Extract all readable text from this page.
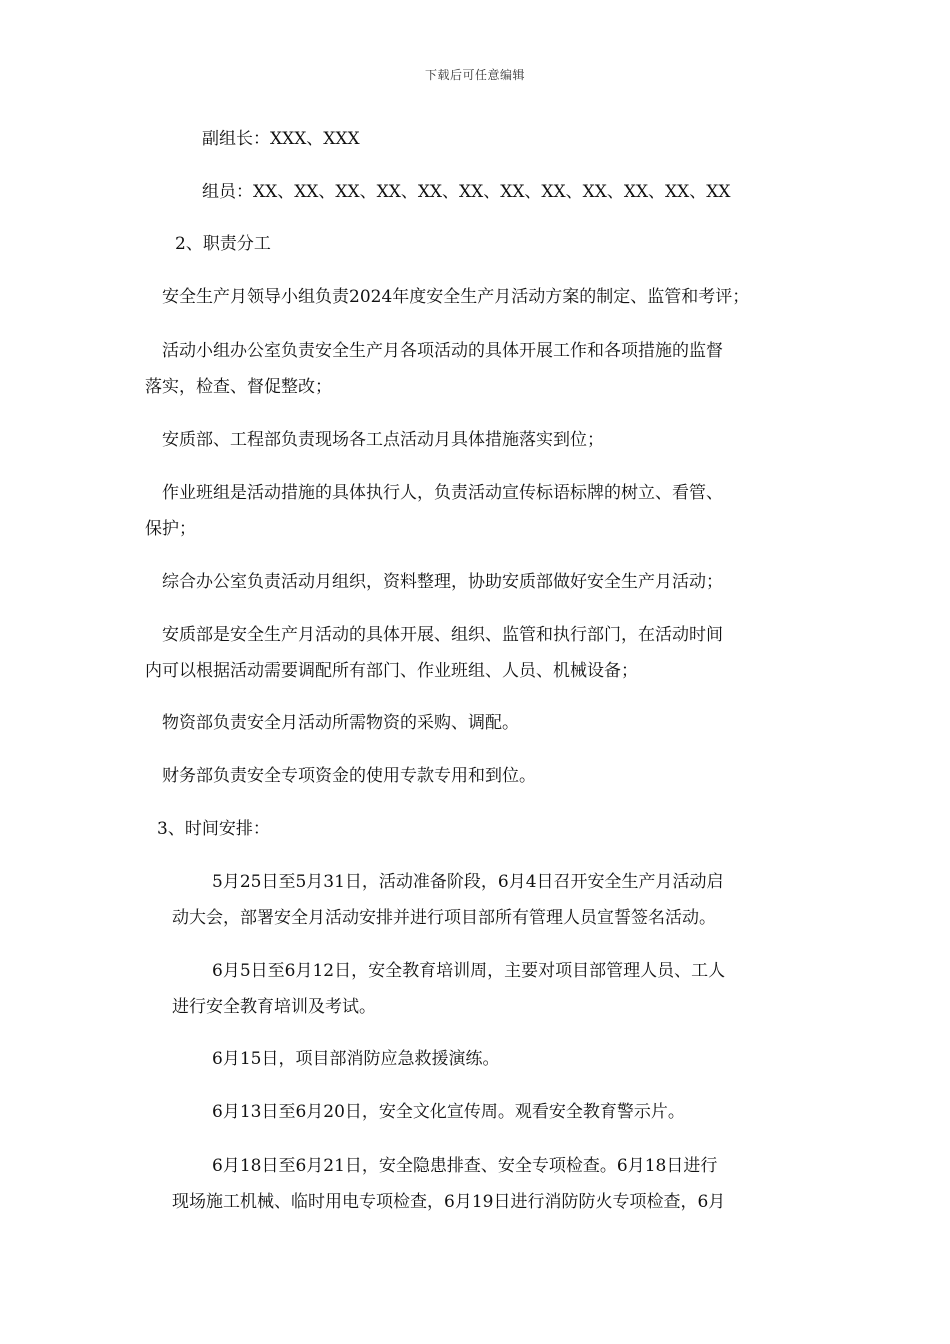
下载后可任意编辑
副组长：XXX、XXX
组员：XX、XX、XX、XX、XX、XX、XX、XX、XX、XX、XX、XX
2、职责分工
安全生产月领导小组负责2024年度安全生产月活动方案的制定、监管和考评；
活动小组办公室负责安全生产月各项活动的具体开展工作和各项措施的监督
落实，检查、督促整改；
安质部、工程部负责现场各工点活动月具体措施落实到位；
作业班组是活动措施的具体执行人，负责活动宣传标语标牌的树立、看管、
保护；
综合办公室负责活动月组织，资料整理，协助安质部做好安全生产月活动；
安质部是安全生产月活动的具体开展、组织、监管和执行部门，在活动时间
内可以根据活动需要调配所有部门、作业班组、人员、机械设备；
物资部负责安全月活动所需物资的采购、调配。
财务部负责安全专项资金的使用专款专用和到位。
3、时间安排：
5月25日至5月31日，活动准备阶段，6月4日召开安全生产月活动启
动大会，部署安全月活动安排并进行项目部所有管理人员宣誓签名活动。
6月5日至6月12日，安全教育培训周，主要对项目部管理人员、工人
进行安全教育培训及考试。
6月15日，项目部消防应急救援演练。
6月13日至6月20日，安全文化宣传周。观看安全教育警示片。
6月18日至6月21日，安全隐患排查、安全专项检查。6月18日进行
现场施工机械、临时用电专项检查，6月19日进行消防防火专项检查，6月
